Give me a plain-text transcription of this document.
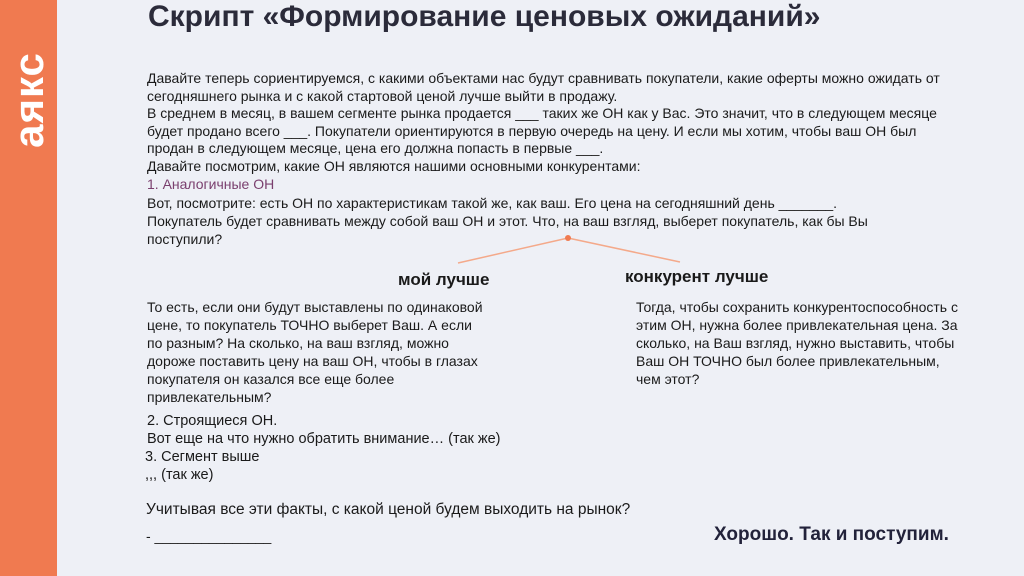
аякс
Скрипт «Формирование ценовых ожиданий»
Давайте теперь сориентируемся, с какими объектами нас будут сравнивать покупатели, какие оферты можно ожидать от
сегодняшнего рынка и с какой стартовой ценой лучше выйти в продажу.
В среднем в месяц, в вашем сегменте рынка продается ___ таких же ОН как у Вас. Это значит, что в следующем месяце
будет продано всего ___. Покупатели ориентируются в первую очередь на цену. И если мы хотим, чтобы ваш ОН был
продан в следующем месяце, цена его должна попасть в первые ___.
Давайте посмотрим, какие ОН являются нашими основными конкурентами:
1. Аналогичные ОН
Вот, посмотрите: есть ОН по характеристикам такой же, как ваш. Его цена на сегодняшний день _______.
Покупатель будет сравнивать между собой ваш ОН и этот. Что, на ваш взгляд, выберет покупатель, как бы Вы
поступили?
мой лучше	конкурент лучше
То есть, если они будут выставлены по одинаковой
цене, то покупатель ТОЧНО выберет Ваш. А если
по разным? На сколько, на ваш взгляд, можно
дороже поставить цену на ваш ОН, чтобы в глазах
покупателя он казался все еще более
привлекательным?
Тогда, чтобы сохранить конкурентоспособность с
этим ОН, нужна более привлекательная цена. За
сколько, на Ваш взгляд, нужно выставить, чтобы
Ваш ОН ТОЧНО был более привлекательным,
чем этот?
2. Строящиеся ОН.
Вот еще на что нужно обратить внимание… (так же)
3. Сегмент выше
,,, (так же)
Учитывая все эти факты, с какой ценой будем выходить на рынок?
- _______________	Хорошо. Так и поступим.
